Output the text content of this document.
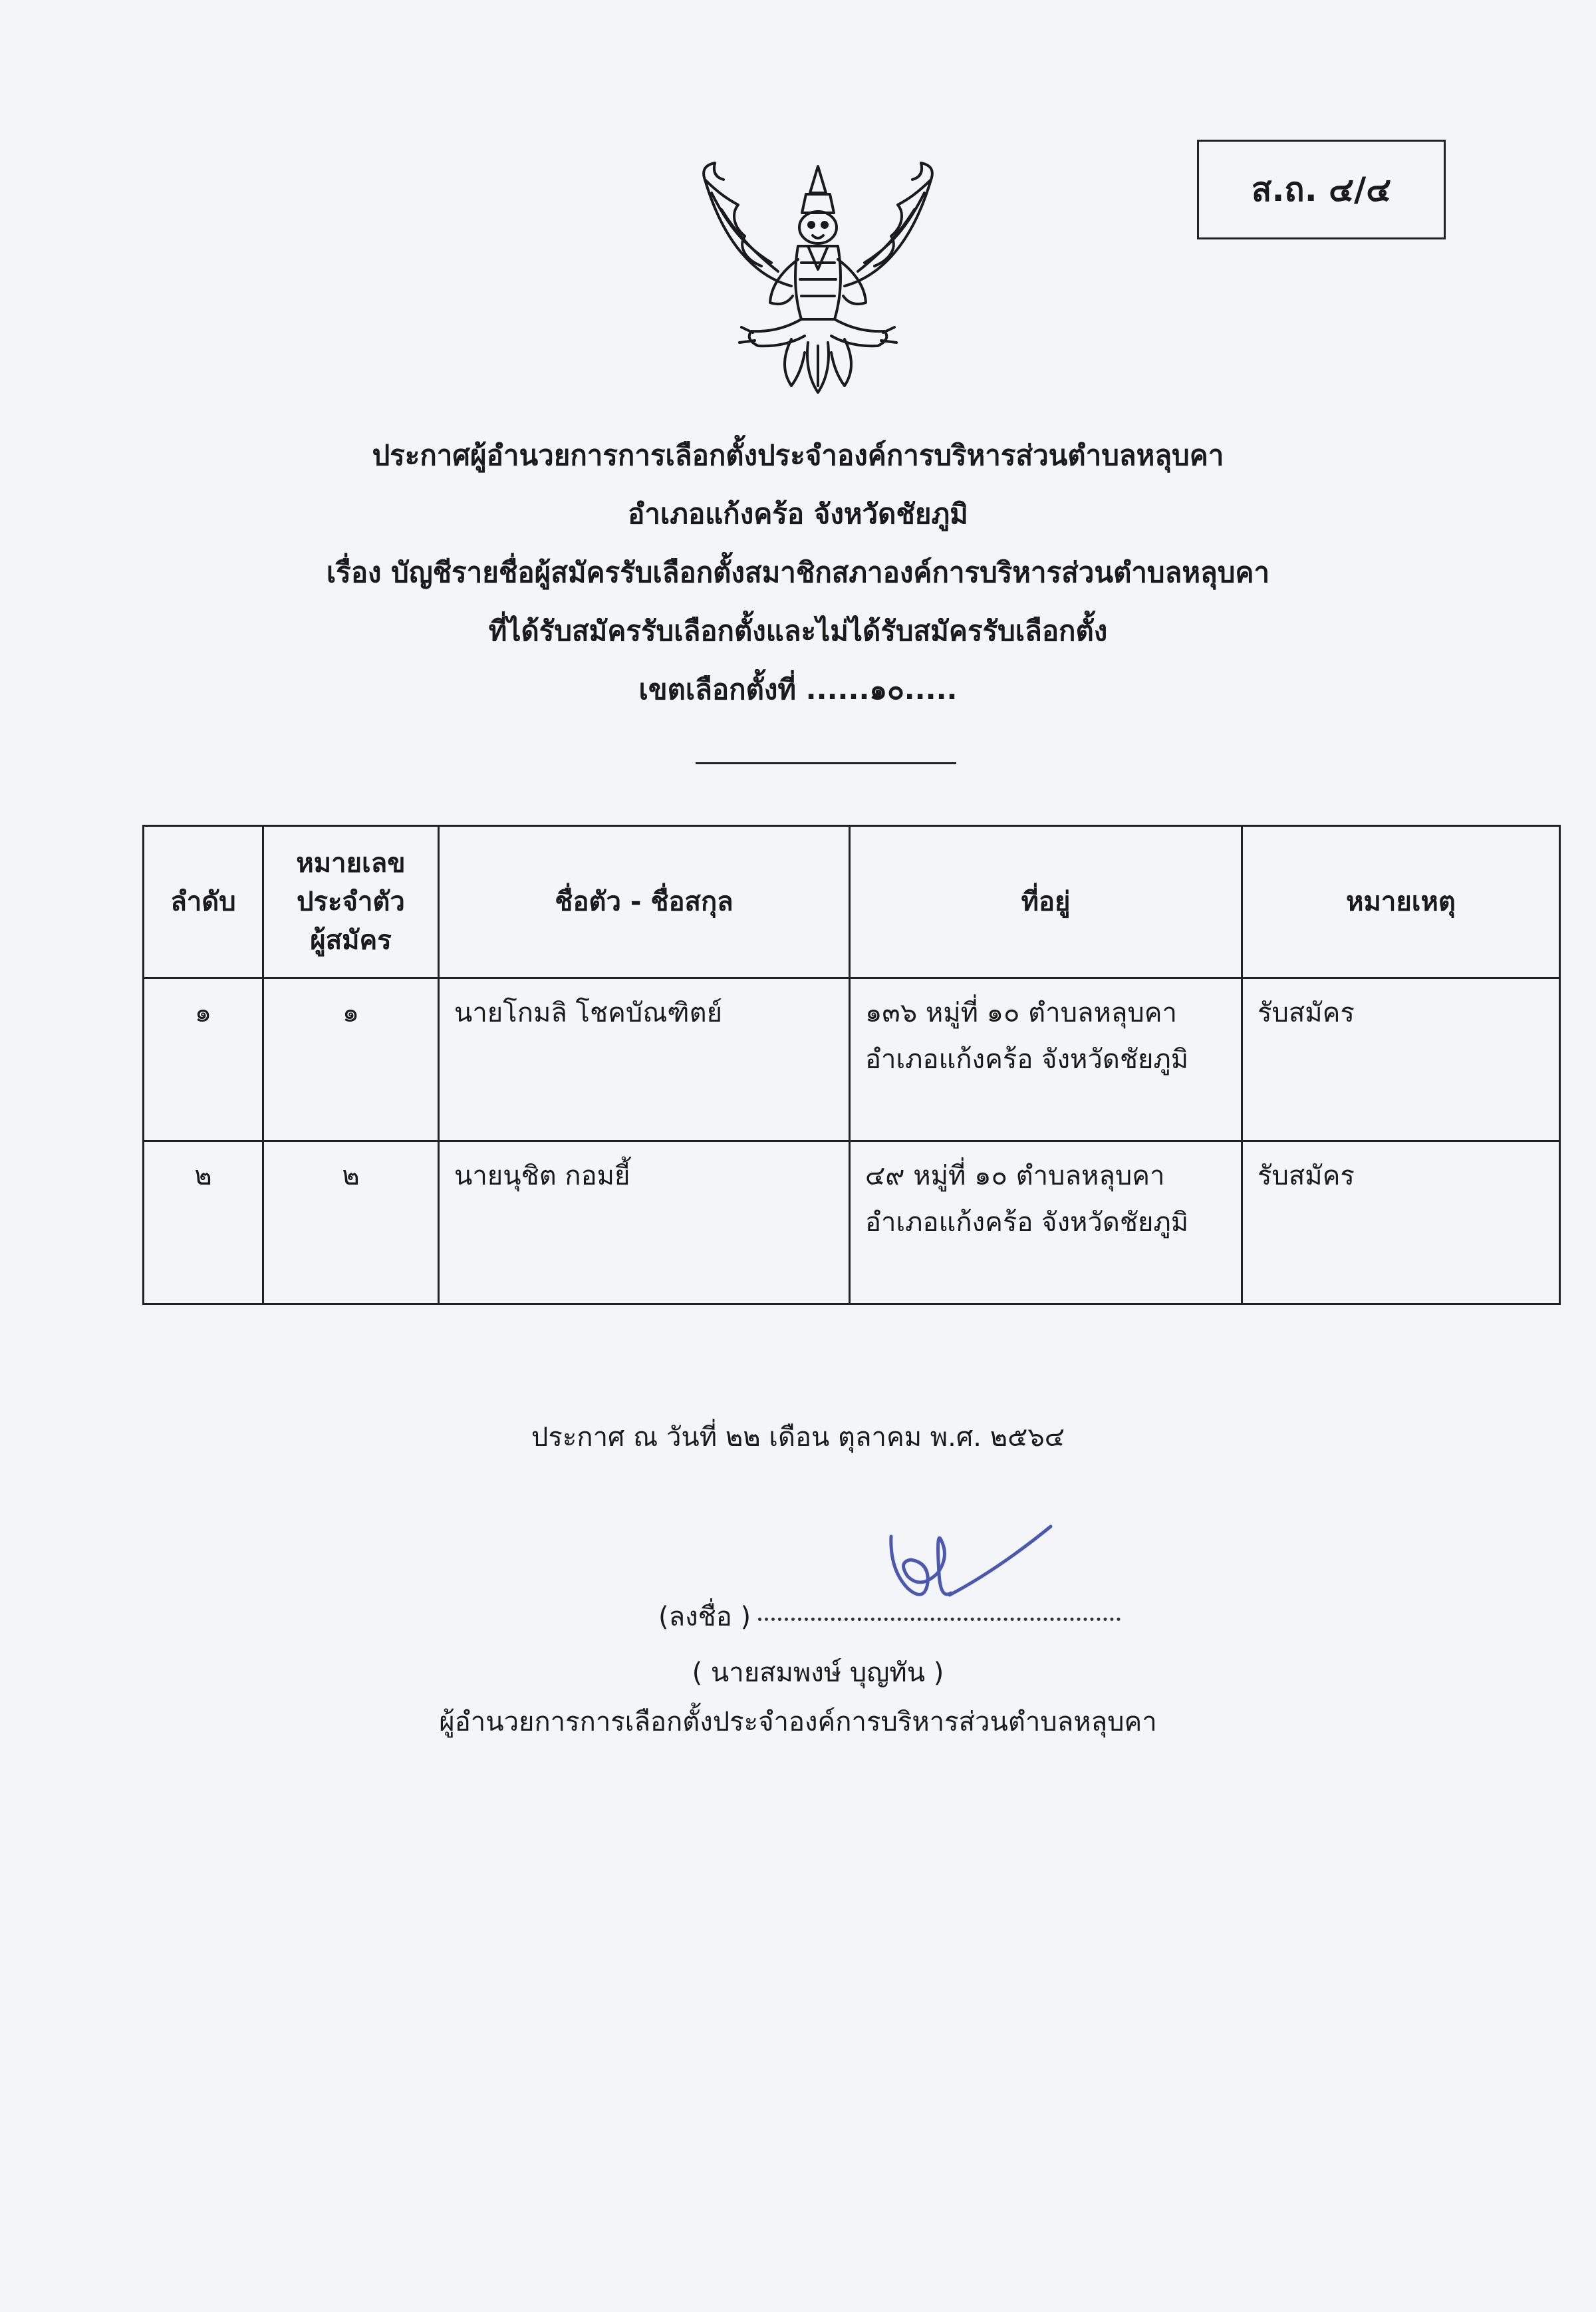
ส.ถ. ๔/๔
ประกาศผู้อำนวยการการเลือกตั้งประจำองค์การบริหารส่วนตำบลหลุบคา
อำเภอแก้งคร้อ จังหวัดชัยภูมิ
เรื่อง บัญชีรายชื่อผู้สมัครรับเลือกตั้งสมาชิกสภาองค์การบริหารส่วนตำบลหลุบคา
ที่ได้รับสมัครรับเลือกตั้งและไม่ได้รับสมัครรับเลือกตั้ง
เขตเลือกตั้งที่ ......๑๐.....
ลำดับ	หมายเลข ประจำตัว ผู้สมัคร	ชื่อตัว - ชื่อสกุล	ที่อยู่	หมายเหตุ
๑	๑	นายโกมลิ โชคบัณฑิตย์	๑๓๖ หมู่ที่ ๑๐ ตำบลหลุบคา
อำเภอแก้งคร้อ จังหวัดชัยภูมิ	รับสมัคร
๒	๒	นายนุชิต กอมยี้	๔๙ หมู่ที่ ๑๐ ตำบลหลุบคา
อำเภอแก้งคร้อ จังหวัดชัยภูมิ	รับสมัคร
ประกาศ ณ วันที่ ๒๒ เดือน ตุลาคม พ.ศ. ๒๕๖๔
(ลงชื่อ )
( นายสมพงษ์ บุญทัน )
ผู้อำนวยการการเลือกตั้งประจำองค์การบริหารส่วนตำบลหลุบคา
